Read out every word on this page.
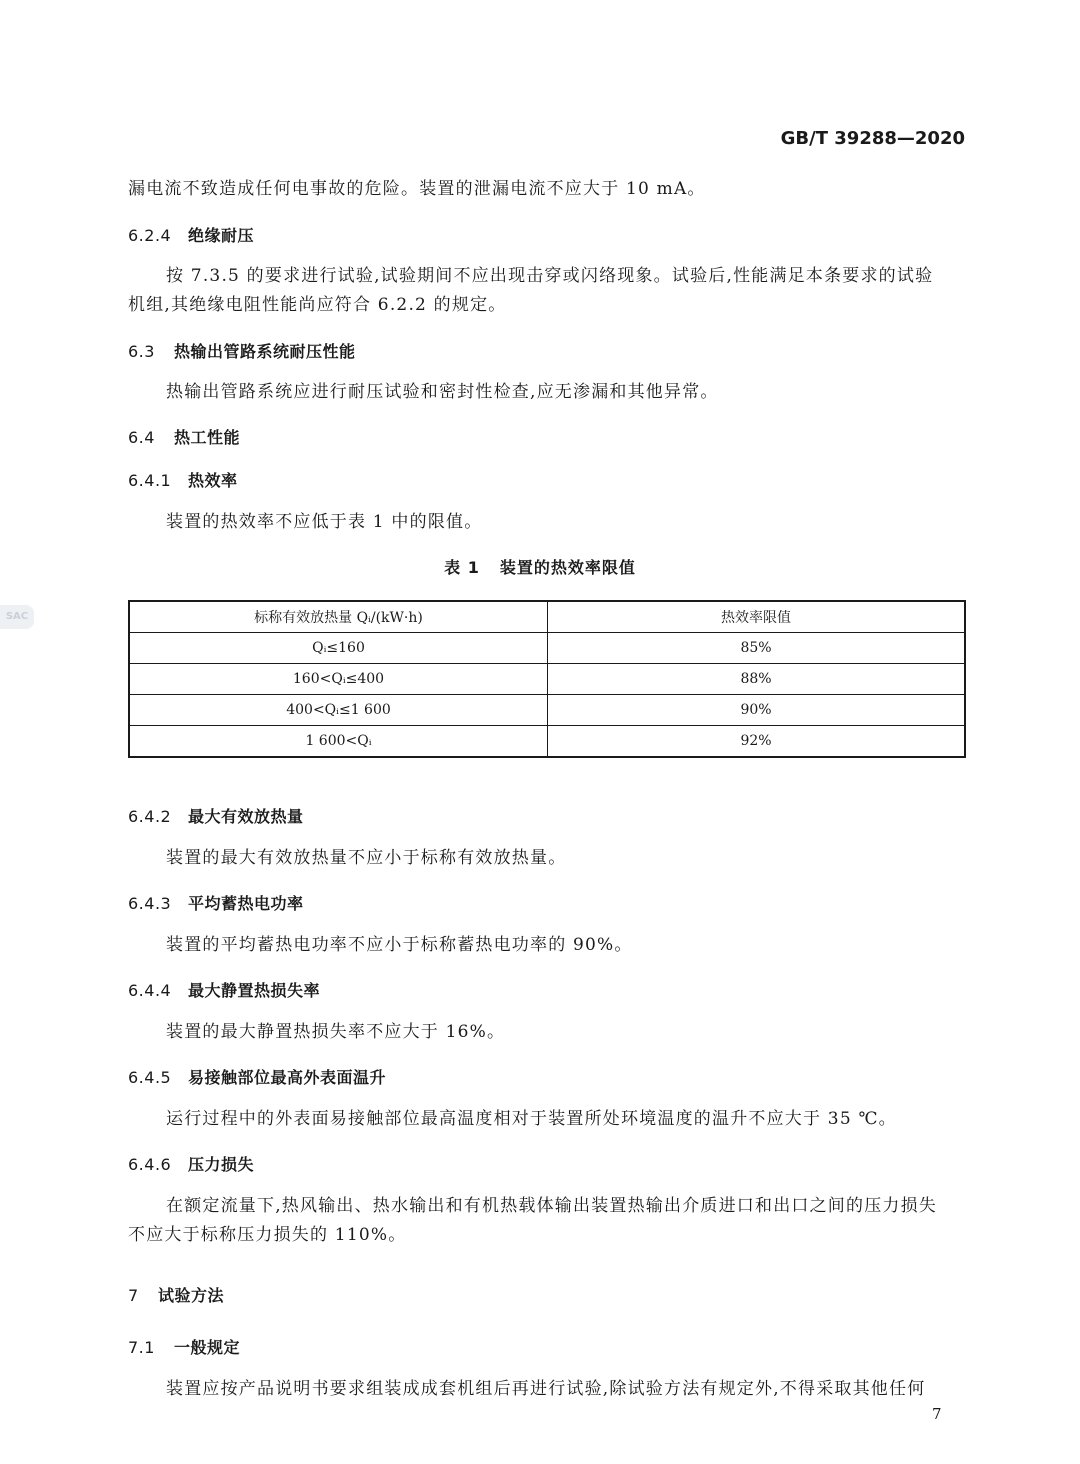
GB/T 39288—2020
漏电流不致造成任何电事故的危险。装置的泄漏电流不应大于 10 mA。
6.2.4 绝缘耐压
按 7.3.5 的要求进行试验,试验期间不应出现击穿或闪络现象。试验后,性能满足本条要求的试验
机组,其绝缘电阻性能尚应符合 6.2.2 的规定。
6.3 热输出管路系统耐压性能
热输出管路系统应进行耐压试验和密封性检查,应无渗漏和其他异常。
6.4 热工性能
6.4.1 热效率
装置的热效率不应低于表 1 中的限值。
表 1 装置的热效率限值
SAC	标称有效放热量 Qᵢ/(kW·h)	热效率限值
Qᵢ≤160	85%
160<Qᵢ≤400	88%
400<Qᵢ≤1 600	90%
1 600<Qᵢ	92%
6.4.2 最大有效放热量
装置的最大有效放热量不应小于标称有效放热量。
6.4.3 平均蓄热电功率
装置的平均蓄热电功率不应小于标称蓄热电功率的 90%。
6.4.4 最大静置热损失率
装置的最大静置热损失率不应大于 16%。
6.4.5 易接触部位最高外表面温升
运行过程中的外表面易接触部位最高温度相对于装置所处环境温度的温升不应大于 35 ℃。
6.4.6 压力损失
在额定流量下,热风输出、热水输出和有机热载体输出装置热输出介质进口和出口之间的压力损失
不应大于标称压力损失的 110%。
7 试验方法
7.1 一般规定
装置应按产品说明书要求组装成成套机组后再进行试验,除试验方法有规定外,不得采取其他任何
7
